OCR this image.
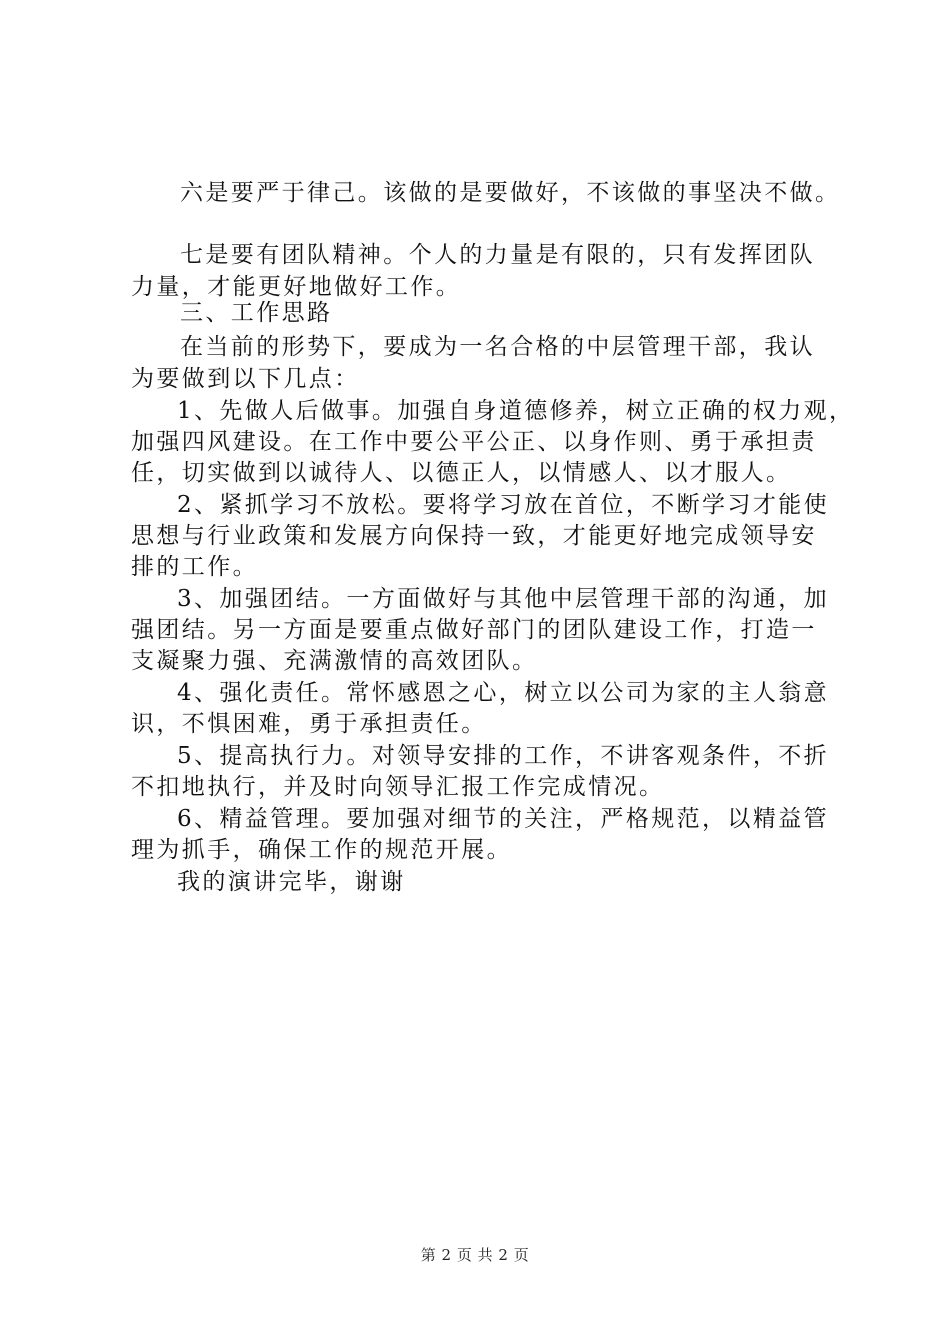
六是要严于律己。该做的是要做好，不该做的事坚决不做。
七是要有团队精神。个人的力量是有限的，只有发挥团队
力量，才能更好地做好工作。
三、工作思路
在当前的形势下，要成为一名合格的中层管理干部，我认
为要做到以下几点：
1、先做人后做事。加强自身道德修养，树立正确的权力观，
加强四风建设。在工作中要公平公正、以身作则、勇于承担责
任，切实做到以诚待人、以德正人，以情感人、以才服人。
2、紧抓学习不放松。要将学习放在首位，不断学习才能使
思想与行业政策和发展方向保持一致，才能更好地完成领导安
排的工作。
3、加强团结。一方面做好与其他中层管理干部的沟通，加
强团结。另一方面是要重点做好部门的团队建设工作，打造一
支凝聚力强、充满激情的高效团队。
4、强化责任。常怀感恩之心，树立以公司为家的主人翁意
识，不惧困难，勇于承担责任。
5、提高执行力。对领导安排的工作，不讲客观条件，不折
不扣地执行，并及时向领导汇报工作完成情况。
6、精益管理。要加强对细节的关注，严格规范，以精益管
理为抓手，确保工作的规范开展。
我的演讲完毕，谢谢
第 2 页 共 2 页
